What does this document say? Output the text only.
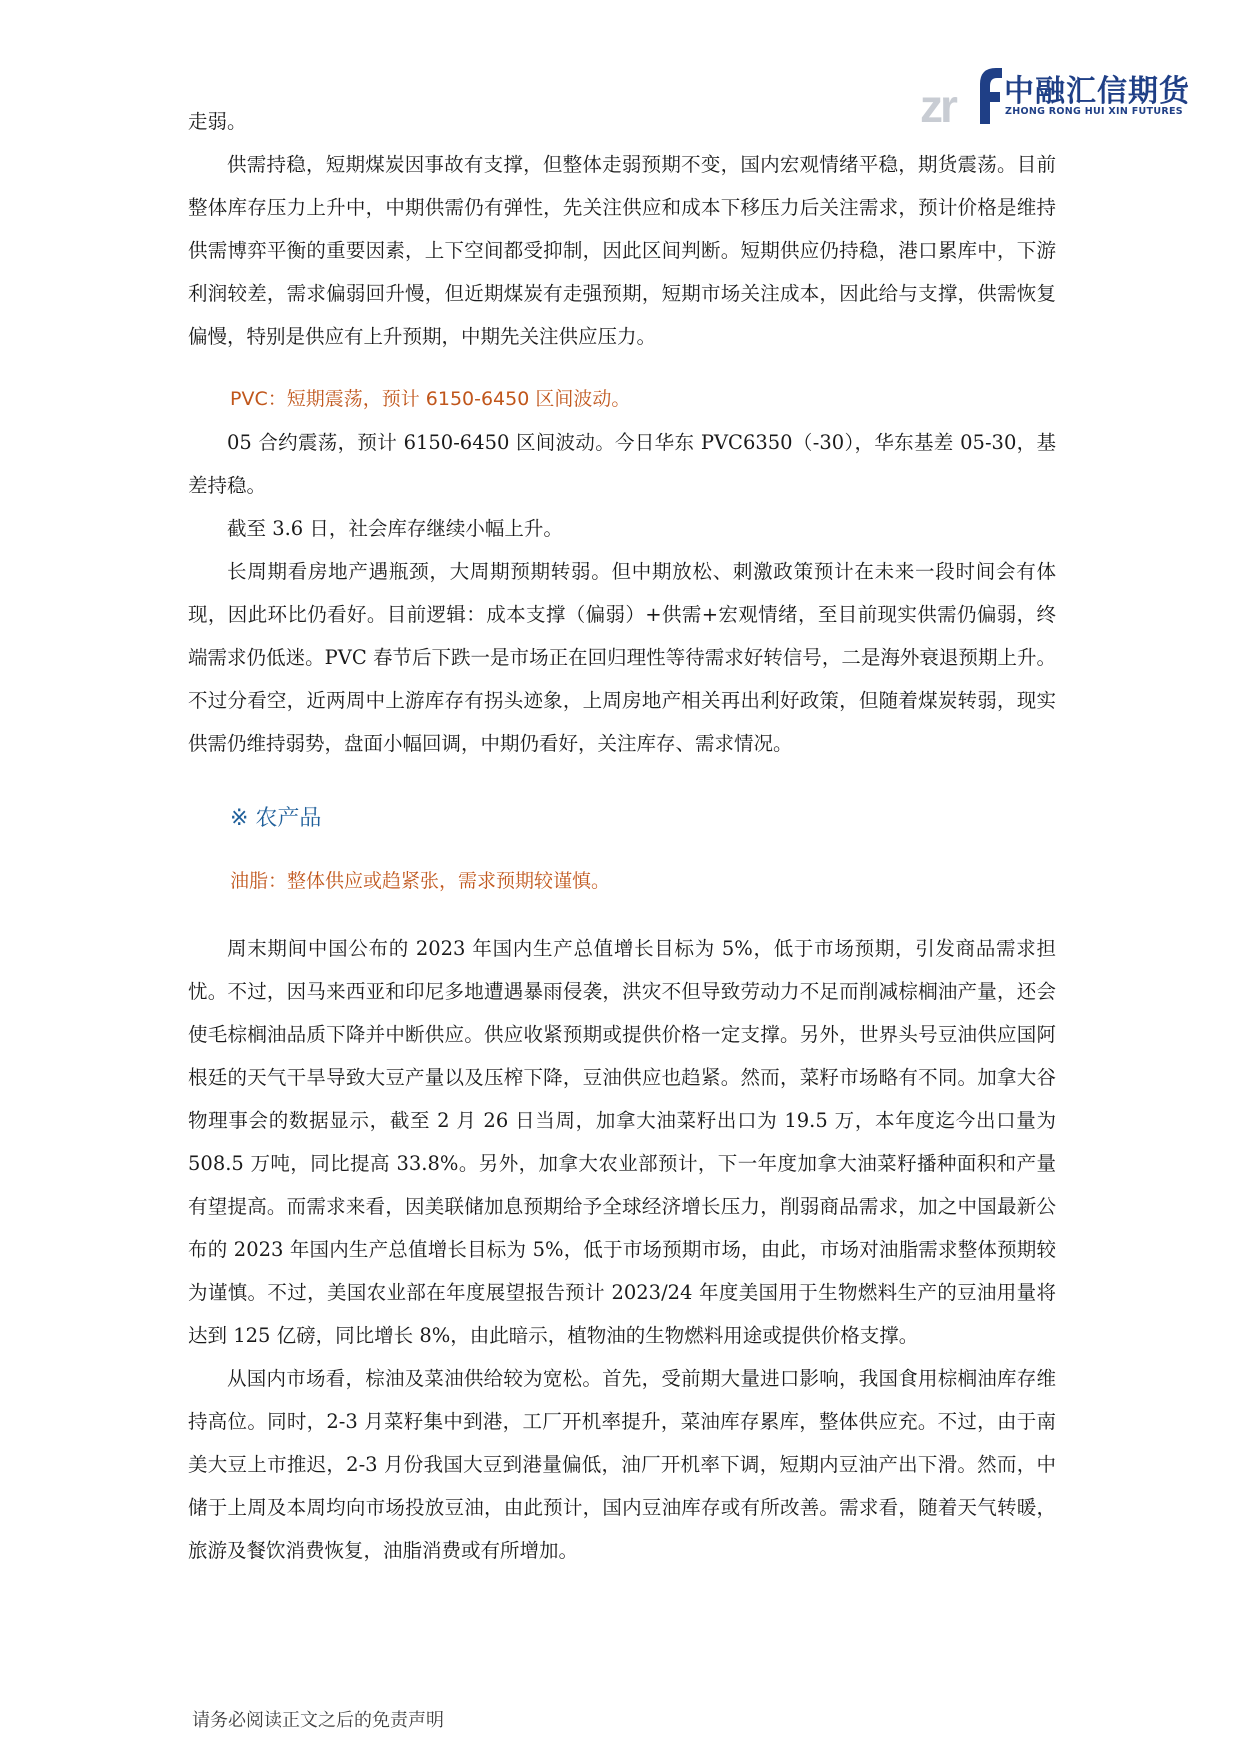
zr 中融汇信期货
ZHONG RONG HUI XIN FUTURES

走弱。

供需持稳，短期煤炭因事故有支撑，但整体走弱预期不变，国内宏观情绪平稳，期货震荡。目前整体库存压力上升中，中期供需仍有弹性，先关注供应和成本下移压力后关注需求，预计价格是维持供需博弈平衡的重要因素，上下空间都受抑制，因此区间判断。短期供应仍持稳，港口累库中，下游利润较差，需求偏弱回升慢，但近期煤炭有走强预期，短期市场关注成本，因此给与支撑，供需恢复偏慢，特别是供应有上升预期，中期先关注供应压力。

PVC：短期震荡，预计 6150-6450 区间波动。

05 合约震荡，预计 6150-6450 区间波动。今日华东 PVC6350（-30），华东基差 05-30，基差持稳。

截至 3.6 日，社会库存继续小幅上升。

长周期看房地产遇瓶颈，大周期预期转弱。但中期放松、刺激政策预计在未来一段时间会有体现，因此环比仍看好。目前逻辑：成本支撑（偏弱）+供需+宏观情绪，至目前现实供需仍偏弱，终端需求仍低迷。PVC 春节后下跌一是市场正在回归理性等待需求好转信号，二是海外衰退预期上升。不过分看空，近两周中上游库存有拐头迹象，上周房地产相关再出利好政策，但随着煤炭转弱，现实供需仍维持弱势，盘面小幅回调，中期仍看好，关注库存、需求情况。

※ 农产品

油脂：整体供应或趋紧张，需求预期较谨慎。

周末期间中国公布的 2023 年国内生产总值增长目标为 5%，低于市场预期，引发商品需求担忧。不过，因马来西亚和印尼多地遭遇暴雨侵袭，洪灾不但导致劳动力不足而削减棕榈油产量，还会使毛棕榈油品质下降并中断供应。供应收紧预期或提供价格一定支撑。另外，世界头号豆油供应国阿根廷的天气干旱导致大豆产量以及压榨下降，豆油供应也趋紧。然而，菜籽市场略有不同。加拿大谷物理事会的数据显示，截至 2 月 26 日当周，加拿大油菜籽出口为 19.5 万，本年度迄今出口量为 508.5 万吨，同比提高 33.8%。另外，加拿大农业部预计，下一年度加拿大油菜籽播种面积和产量有望提高。而需求来看，因美联储加息预期给予全球经济增长压力，削弱商品需求，加之中国最新公布的 2023 年国内生产总值增长目标为 5%，低于市场预期市场，由此，市场对油脂需求整体预期较为谨慎。不过，美国农业部在年度展望报告预计 2023/24 年度美国用于生物燃料生产的豆油用量将达到 125 亿磅，同比增长 8%，由此暗示，植物油的生物燃料用途或提供价格支撑。

从国内市场看，棕油及菜油供给较为宽松。首先，受前期大量进口影响，我国食用棕榈油库存维持高位。同时，2-3 月菜籽集中到港，工厂开机率提升，菜油库存累库，整体供应充。不过，由于南美大豆上市推迟，2-3 月份我国大豆到港量偏低，油厂开机率下调，短期内豆油产出下滑。然而，中储于上周及本周均向市场投放豆油，由此预计，国内豆油库存或有所改善。需求看，随着天气转暖，旅游及餐饮消费恢复，油脂消费或有所增加。

请务必阅读正文之后的免责声明
